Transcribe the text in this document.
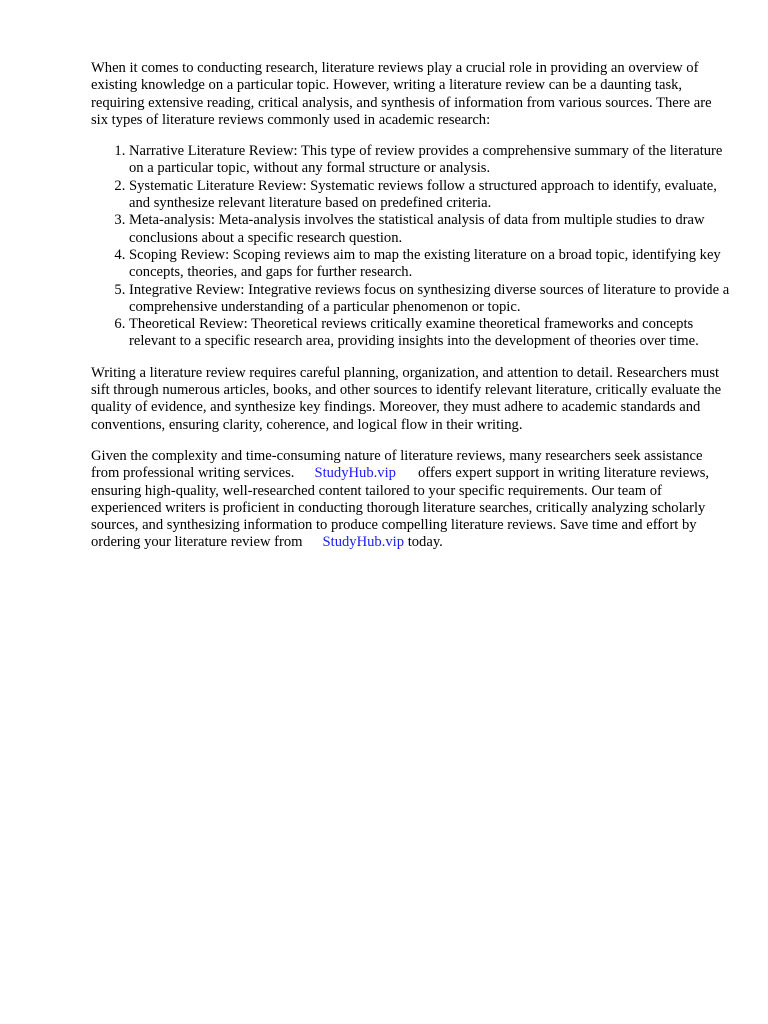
When it comes to conducting research, literature reviews play a crucial role in providing an overview of existing knowledge on a particular topic. However, writing a literature review can be a daunting task, requiring extensive reading, critical analysis, and synthesis of information from various sources. There are six types of literature reviews commonly used in academic research:

1. Narrative Literature Review: This type of review provides a comprehensive summary of the literature on a particular topic, without any formal structure or analysis.
2. Systematic Literature Review: Systematic reviews follow a structured approach to identify, evaluate, and synthesize relevant literature based on predefined criteria.
3. Meta-analysis: Meta-analysis involves the statistical analysis of data from multiple studies to draw conclusions about a specific research question.
4. Scoping Review: Scoping reviews aim to map the existing literature on a broad topic, identifying key concepts, theories, and gaps for further research.
5. Integrative Review: Integrative reviews focus on synthesizing diverse sources of literature to provide a comprehensive understanding of a particular phenomenon or topic.
6. Theoretical Review: Theoretical reviews critically examine theoretical frameworks and concepts relevant to a specific research area, providing insights into the development of theories over time.

Writing a literature review requires careful planning, organization, and attention to detail. Researchers must sift through numerous articles, books, and other sources to identify relevant literature, critically evaluate the quality of evidence, and synthesize key findings. Moreover, they must adhere to academic standards and conventions, ensuring clarity, coherence, and logical flow in their writing.

Given the complexity and time-consuming nature of literature reviews, many researchers seek assistance from professional writing services. StudyHub.vip offers expert support in writing literature reviews, ensuring high-quality, well-researched content tailored to your specific requirements. Our team of experienced writers is proficient in conducting thorough literature searches, critically analyzing scholarly sources, and synthesizing information to produce compelling literature reviews. Save time and effort by ordering your literature review from StudyHub.vip today.
